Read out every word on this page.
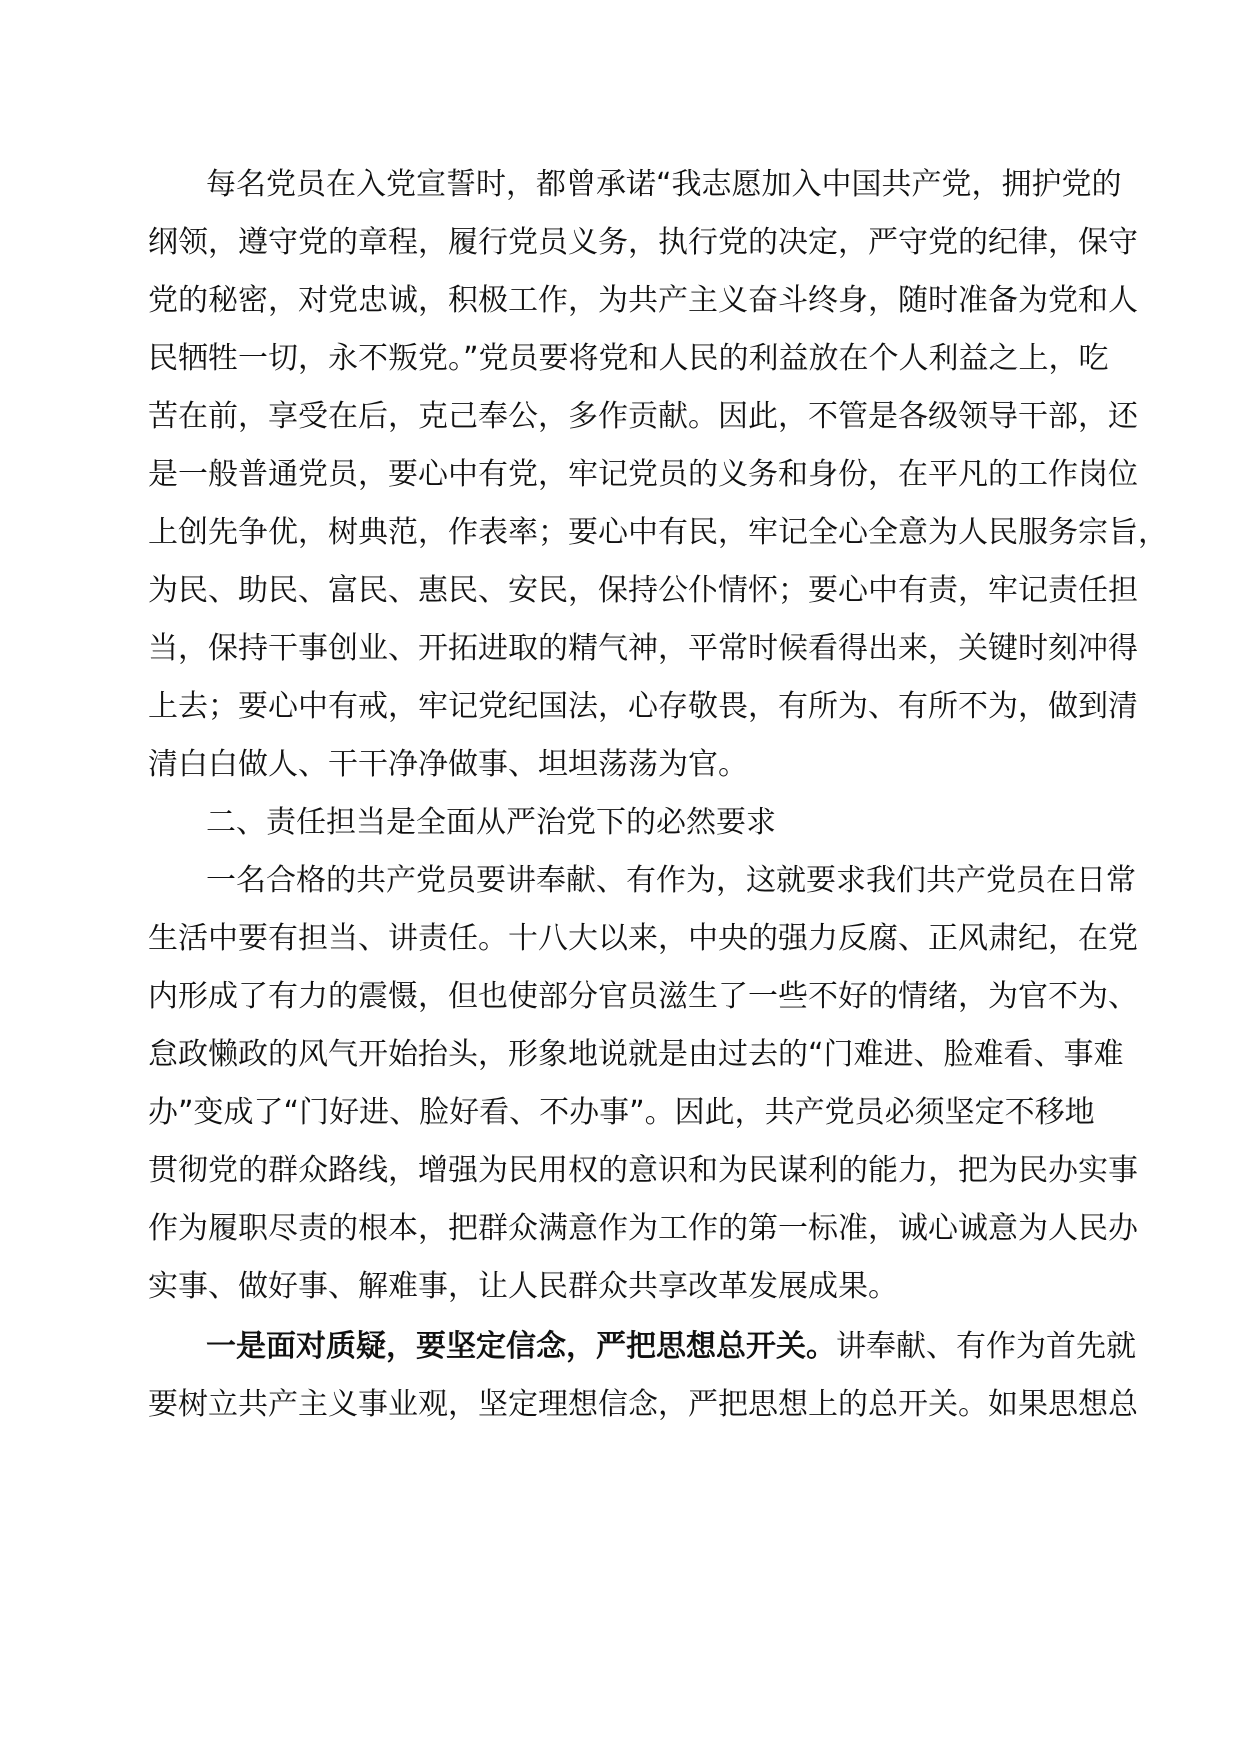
每名党员在入党宣誓时，都曾承诺“我志愿加入中国共产党，拥护党的
纲领，遵守党的章程，履行党员义务，执行党的决定，严守党的纪律，保守
党的秘密，对党忠诚，积极工作，为共产主义奋斗终身，随时准备为党和人
民牺牲一切，永不叛党。”党员要将党和人民的利益放在个人利益之上，吃
苦在前，享受在后，克己奉公，多作贡献。因此，不管是各级领导干部，还
是一般普通党员，要心中有党，牢记党员的义务和身份，在平凡的工作岗位
上创先争优，树典范，作表率；要心中有民，牢记全心全意为人民服务宗旨，
为民、助民、富民、惠民、安民，保持公仆情怀；要心中有责，牢记责任担
当，保持干事创业、开拓进取的精气神，平常时候看得出来，关键时刻冲得
上去；要心中有戒，牢记党纪国法，心存敬畏，有所为、有所不为，做到清
清白白做人、干干净净做事、坦坦荡荡为官。
二、责任担当是全面从严治党下的必然要求
一名合格的共产党员要讲奉献、有作为，这就要求我们共产党员在日常
生活中要有担当、讲责任。十八大以来，中央的强力反腐、正风肃纪，在党
内形成了有力的震慑，但也使部分官员滋生了一些不好的情绪，为官不为、
怠政懒政的风气开始抬头，形象地说就是由过去的“门难进、脸难看、事难
办”变成了“门好进、脸好看、不办事”。因此，共产党员必须坚定不移地
贯彻党的群众路线，增强为民用权的意识和为民谋利的能力，把为民办实事
作为履职尽责的根本，把群众满意作为工作的第一标准，诚心诚意为人民办
实事、做好事、解难事，让人民群众共享改革发展成果。
一是面对质疑，要坚定信念，严把思想总开关。讲奉献、有作为首先就
要树立共产主义事业观，坚定理想信念，严把思想上的总开关。如果思想总
